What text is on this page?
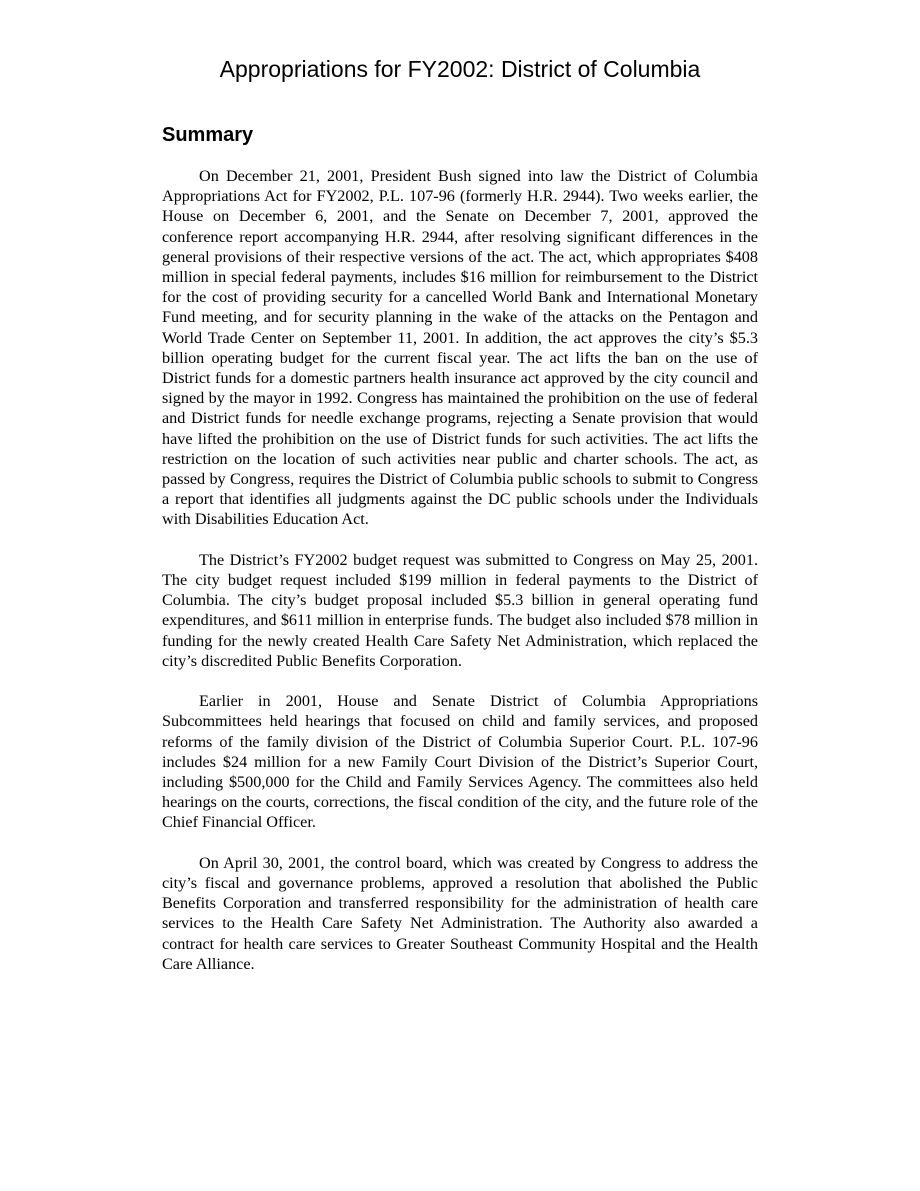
Appropriations for FY2002: District of Columbia
Summary

On December 21, 2001, President Bush signed into law the District of Columbia Appropriations Act for FY2002, P.L. 107-96 (formerly H.R. 2944). Two weeks earlier, the House on December 6, 2001, and the Senate on December 7, 2001, approved the conference report accompanying H.R. 2944, after resolving significant differences in the general provisions of their respective versions of the act. The act, which appropriates $408 million in special federal payments, includes $16 million for reimbursement to the District for the cost of providing security for a cancelled World Bank and International Monetary Fund meeting, and for security planning in the wake of the attacks on the Pentagon and World Trade Center on September 11, 2001. In addition, the act approves the city’s $5.3 billion operating budget for the current fiscal year. The act lifts the ban on the use of District funds for a domestic partners health insurance act approved by the city council and signed by the mayor in 1992. Congress has maintained the prohibition on the use of federal and District funds for needle exchange programs, rejecting a Senate provision that would have lifted the prohibition on the use of District funds for such activities. The act lifts the restriction on the location of such activities near public and charter schools. The act, as passed by Congress, requires the District of Columbia public schools to submit to Congress a report that identifies all judgments against the DC public schools under the Individuals with Disabilities Education Act.

The District’s FY2002 budget request was submitted to Congress on May 25, 2001. The city budget request included $199 million in federal payments to the District of Columbia. The city’s budget proposal included $5.3 billion in general operating fund expenditures, and $611 million in enterprise funds. The budget also included $78 million in funding for the newly created Health Care Safety Net Administration, which replaced the city’s discredited Public Benefits Corporation.

Earlier in 2001, House and Senate District of Columbia Appropriations Subcommittees held hearings that focused on child and family services, and proposed reforms of the family division of the District of Columbia Superior Court. P.L. 107-96 includes $24 million for a new Family Court Division of the District’s Superior Court, including $500,000 for the Child and Family Services Agency. The committees also held hearings on the courts, corrections, the fiscal condition of the city, and the future role of the Chief Financial Officer.

On April 30, 2001, the control board, which was created by Congress to address the city’s fiscal and governance problems, approved a resolution that abolished the Public Benefits Corporation and transferred responsibility for the administration of health care services to the Health Care Safety Net Administration. The Authority also awarded a contract for health care services to Greater Southeast Community Hospital and the Health Care Alliance.
